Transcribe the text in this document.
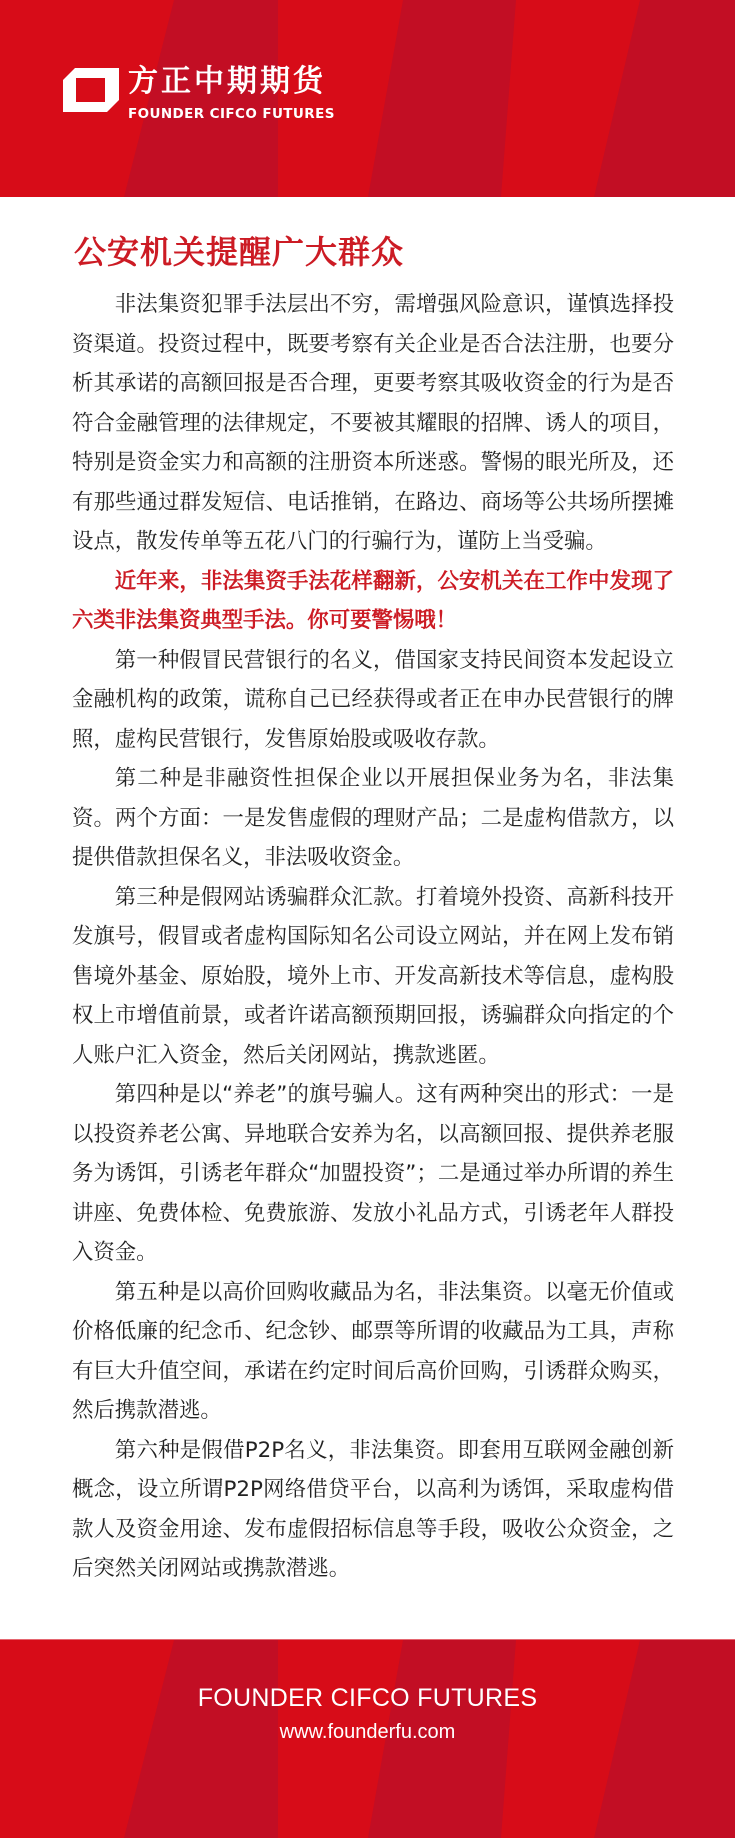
方正中期期货
FOUNDER CIFCO FUTURES
公安机关提醒广大群众

非法集资犯罪手法层出不穷，需增强风险意识，谨慎选择投资渠道。投资过程中，既要考察有关企业是否合法注册，也要分析其承诺的高额回报是否合理，更要考察其吸收资金的行为是否符合金融管理的法律规定，不要被其耀眼的招牌、诱人的项目，特别是资金实力和高额的注册资本所迷惑。警惕的眼光所及，还有那些通过群发短信、电话推销，在路边、商场等公共场所摆摊设点，散发传单等五花八门的行骗行为，谨防上当受骗。

近年来，非法集资手法花样翻新，公安机关在工作中发现了六类非法集资典型手法。你可要警惕哦！

第一种假冒民营银行的名义，借国家支持民间资本发起设立金融机构的政策，谎称自己已经获得或者正在申办民营银行的牌照，虚构民营银行，发售原始股或吸收存款。

第二种是非融资性担保企业以开展担保业务为名，非法集资。两个方面：一是发售虚假的理财产品；二是虚构借款方，以提供借款担保名义，非法吸收资金。

第三种是假网站诱骗群众汇款。打着境外投资、高新科技开发旗号，假冒或者虚构国际知名公司设立网站，并在网上发布销售境外基金、原始股，境外上市、开发高新技术等信息，虚构股权上市增值前景，或者许诺高额预期回报，诱骗群众向指定的个人账户汇入资金，然后关闭网站，携款逃匿。

第四种是以“养老”的旗号骗人。这有两种突出的形式：一是以投资养老公寓、异地联合安养为名，以高额回报、提供养老服务为诱饵，引诱老年群众“加盟投资”；二是通过举办所谓的养生讲座、免费体检、免费旅游、发放小礼品方式，引诱老年人群投入资金。

第五种是以高价回购收藏品为名，非法集资。以毫无价值或价格低廉的纪念币、纪念钞、邮票等所谓的收藏品为工具，声称有巨大升值空间，承诺在约定时间后高价回购，引诱群众购买，然后携款潜逃。

第六种是假借P2P名义，非法集资。即套用互联网金融创新概念，设立所谓P2P网络借贷平台，以高利为诱饵，采取虚构借款人及资金用途、发布虚假招标信息等手段，吸收公众资金，之后突然关闭网站或携款潜逃。

FOUNDER CIFCO FUTURES
www.founderfu.com
